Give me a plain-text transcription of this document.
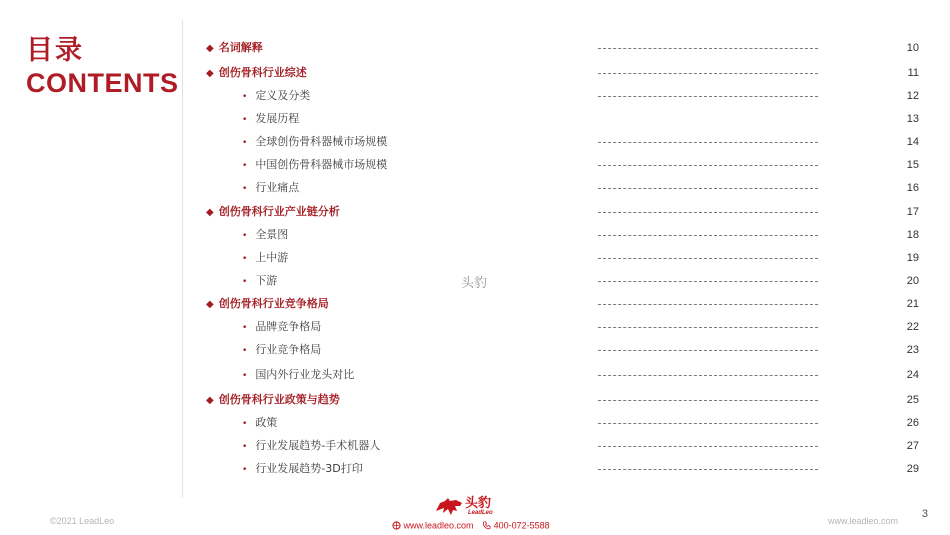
目录
CONTENTS
◆ 名词解释	10
◆ 创伤骨科行业综述	11
• 定义及分类	12
• 发展历程	13
• 全球创伤骨科器械市场规模	14
• 中国创伤骨科器械市场规模	15
• 行业痛点	16
◆ 创伤骨科行业产业链分析	17
• 全景图	18
• 上中游	19
• 下游	20
◆ 创伤骨科行业竞争格局	21
• 品牌竞争格局	22
• 行业竞争格局	23
• 国内外行业龙头对比	24
◆ 创伤骨科行业政策与趋势	25
• 政策	26
• 行业发展趋势-手术机器人	27
• 行业发展趋势-3D打印	29
头豹
©2021 LeadLeo
头豹
LeadLeo
www.leadleo.com 400-072-5588	www.leadleo.com
3
